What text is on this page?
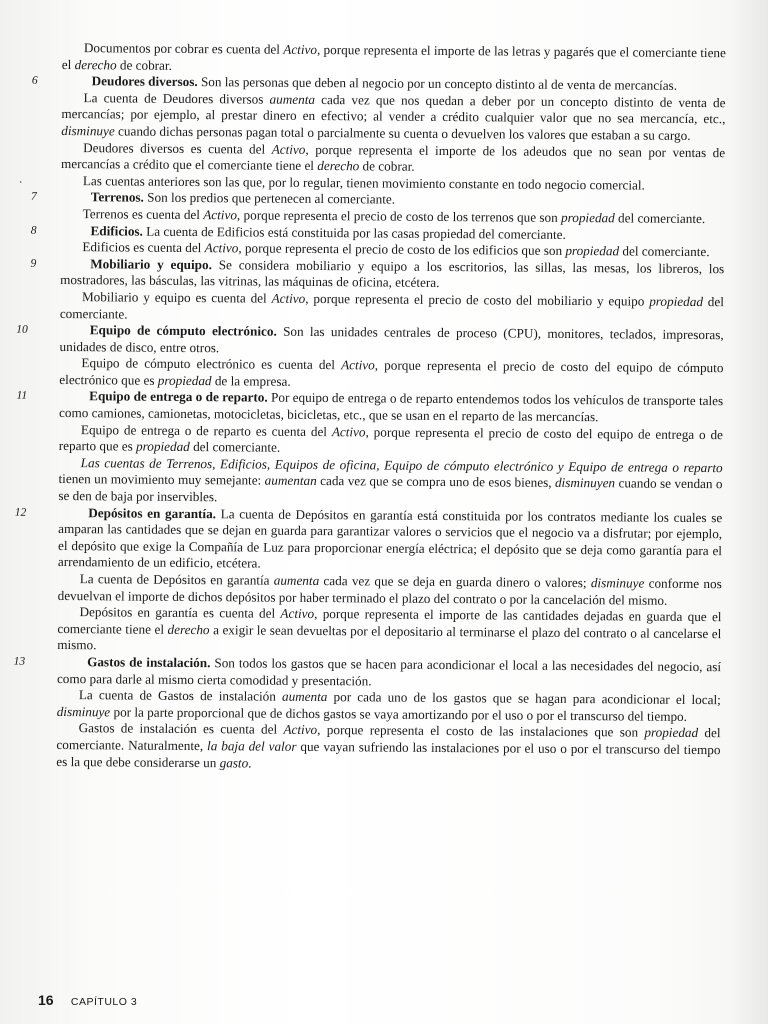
Documentos por cobrar es cuenta del Activo, porque representa el importe de las letras y pagarés que el comerciante tiene el derecho de cobrar.

6	Deudores diversos. Son las personas que deben al negocio por un concepto distinto al de venta de mercancías.

La cuenta de Deudores diversos aumenta cada vez que nos quedan a deber por un concepto distinto de venta de mercancías; por ejemplo, al prestar dinero en efectivo; al vender a crédito cualquier valor que no sea mercancía, etc., disminuye cuando dichas personas pagan total o parcialmente su cuenta o devuelven los valores que estaban a su cargo.

Deudores diversos es cuenta del Activo, porque representa el importe de los adeudos que no sean por ventas de mercancías a crédito que el comerciante tiene el derecho de cobrar.

·	Las cuentas anteriores son las que, por lo regular, tienen movimiento constante en todo negocio comercial.

7	Terrenos. Son los predios que pertenecen al comerciante.

Terrenos es cuenta del Activo, porque representa el precio de costo de los terrenos que son propiedad del comerciante.

8	Edificios. La cuenta de Edificios está constituida por las casas propiedad del comerciante.

Edificios es cuenta del Activo, porque representa el precio de costo de los edificios que son propiedad del comerciante.

9	Mobiliario y equipo. Se considera mobiliario y equipo a los escritorios, las sillas, las mesas, los libreros, los mostradores, las básculas, las vitrinas, las máquinas de oficina, etcétera.

Mobiliario y equipo es cuenta del Activo, porque representa el precio de costo del mobiliario y equipo propiedad del comerciante.

10	Equipo de cómputo electrónico. Son las unidades centrales de proceso (CPU), monitores, teclados, impresoras, unidades de disco, entre otros.

Equipo de cómputo electrónico es cuenta del Activo, porque representa el precio de costo del equipo de cómputo electrónico que es propiedad de la empresa.

11	Equipo de entrega o de reparto. Por equipo de entrega o de reparto entendemos todos los vehículos de transporte tales como camiones, camionetas, motocicletas, bicicletas, etc., que se usan en el reparto de las mercancías.

Equipo de entrega o de reparto es cuenta del Activo, porque representa el precio de costo del equipo de entrega o de reparto que es propiedad del comerciante.

Las cuentas de Terrenos, Edificios, Equipos de oficina, Equipo de cómputo electrónico y Equipo de entrega o reparto tienen un movimiento muy semejante: aumentan cada vez que se compra uno de esos bienes, disminuyen cuando se vendan o se den de baja por inservibles.

12	Depósitos en garantía. La cuenta de Depósitos en garantía está constituida por los contratos mediante los cuales se amparan las cantidades que se dejan en guarda para garantizar valores o servicios que el negocio va a disfrutar; por ejemplo, el depósito que exige la Compañía de Luz para proporcionar energía eléctrica; el depósito que se deja como garantía para el arrendamiento de un edificio, etcétera.

La cuenta de Depósitos en garantía aumenta cada vez que se deja en guarda dinero o valores; disminuye conforme nos devuelvan el importe de dichos depósitos por haber terminado el plazo del contrato o por la cancelación del mismo.

Depósitos en garantía es cuenta del Activo, porque representa el importe de las cantidades dejadas en guarda que el comerciante tiene el derecho a exigir le sean devueltas por el depositario al terminarse el plazo del contrato o al cancelarse el mismo.

13	Gastos de instalación. Son todos los gastos que se hacen para acondicionar el local a las necesidades del negocio, así como para darle al mismo cierta comodidad y presentación.

La cuenta de Gastos de instalación aumenta por cada uno de los gastos que se hagan para acondicionar el local; disminuye por la parte proporcional que de dichos gastos se vaya amortizando por el uso o por el transcurso del tiempo.

Gastos de instalación es cuenta del Activo, porque representa el costo de las instalaciones que son propiedad del comerciante. Naturalmente, la baja del valor que vayan sufriendo las instalaciones por el uso o por el transcurso del tiempo es la que debe considerarse un gasto.

16 CAPÍTULO 3
